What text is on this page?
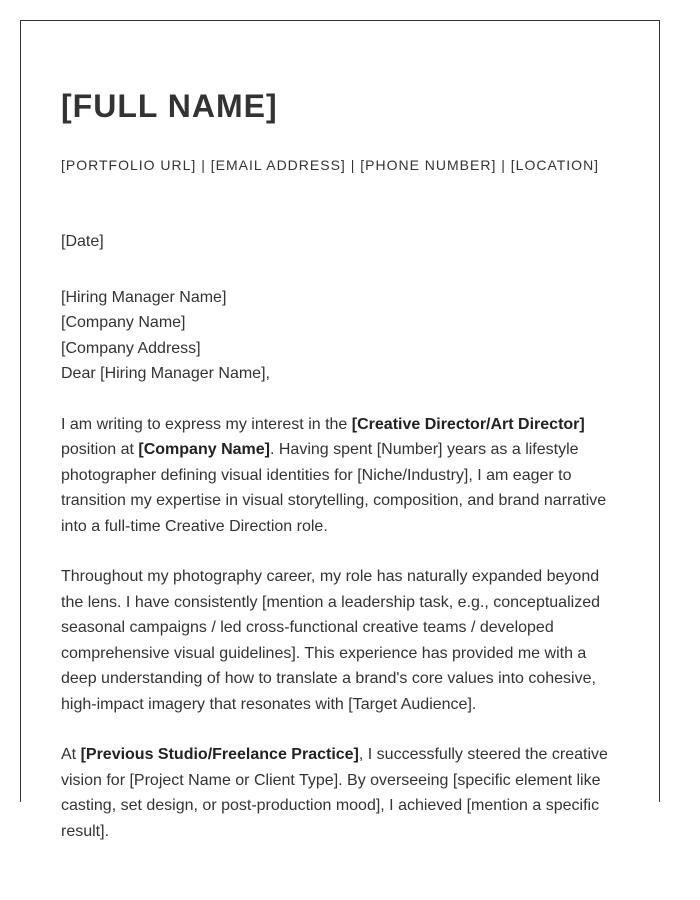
[FULL NAME]
[PORTFOLIO URL] | [EMAIL ADDRESS] | [PHONE NUMBER] | [LOCATION]
[Date]
[Hiring Manager Name]
[Company Name]
[Company Address]
Dear [Hiring Manager Name],

I am writing to express my interest in the [Creative Director/Art Director] position at [Company Name]. Having spent [Number] years as a lifestyle photographer defining visual identities for [Niche/Industry], I am eager to transition my expertise in visual storytelling, composition, and brand narrative into a full-time Creative Direction role.

Throughout my photography career, my role has naturally expanded beyond the lens. I have consistently [mention a leadership task, e.g., conceptualized seasonal campaigns / led cross-functional creative teams / developed comprehensive visual guidelines]. This experience has provided me with a deep understanding of how to translate a brand's core values into cohesive, high-impact imagery that resonates with [Target Audience].

At [Previous Studio/Freelance Practice], I successfully steered the creative vision for [Project Name or Client Type]. By overseeing [specific element like casting, set design, or post-production mood], I achieved [mention a specific result].
